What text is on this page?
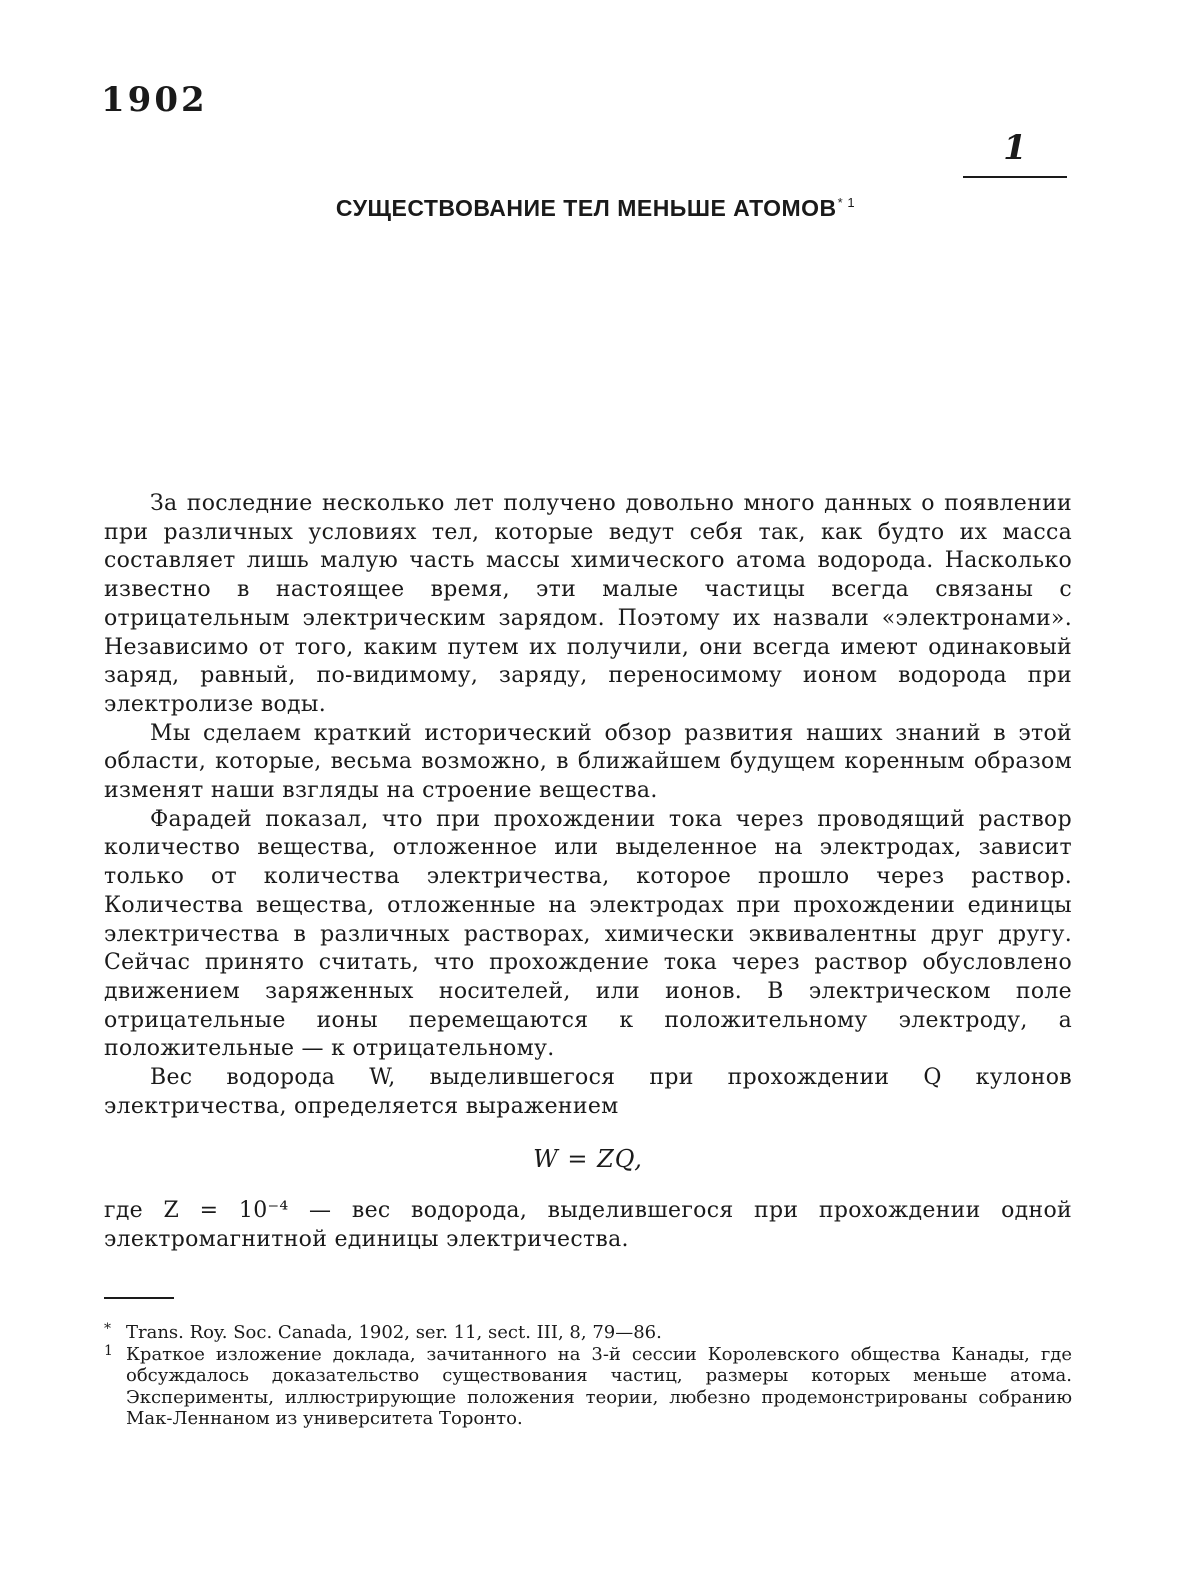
1902
1
СУЩЕСТВОВАНИЕ ТЕЛ МЕНЬШЕ АТОМОВ$^{* 1}$

За последние несколько лет получено довольно много данных о появлении при различных условиях тел, которые ведут себя так, как будто их масса составляет лишь малую часть массы химического атома водорода. Насколько известно в настоящее время, эти малые частицы всегда связаны с отрицательным электрическим зарядом. Поэтому их назвали «электронами». Независимо от того, каким путем их получили, они всегда имеют одинаковый заряд, равный, по-видимому, заряду, переносимому ионом водорода при электролизе воды.

Мы сделаем краткий исторический обзор развития наших знаний в этой области, которые, весьма возможно, в ближайшем будущем коренным образом изменят наши взгляды на строение вещества.

Фарадей показал, что при прохождении тока через проводящий раствор количество вещества, отложенное или выделенное на электродах, зависит только от количества электричества, которое прошло через раствор. Количества вещества, отложенные на электродах при прохождении единицы электричества в различных растворах, химически эквивалентны друг другу. Сейчас принято считать, что прохождение тока через раствор обусловлено движением заряженных носителей, или ионов. В электрическом поле отрицательные ионы перемещаются к положительному электроду, а положительные — к отрицательному.

Вес водорода W, выделившегося при прохождении Q кулонов электричества, определяется выражением

W = ZQ,

где Z = 10⁻⁴ — вес водорода, выделившегося при прохождении одной электромагнитной единицы электричества.

* Trans. Roy. Soc. Canada, 1902, ser. 11, sect. III, 8, 79—86.

1 Краткое изложение доклада, зачитанного на 3-й сессии Королевского общества Канады, где обсуждалось доказательство существования частиц, размеры которых меньше атома. Эксперименты, иллюстрирующие положения теории, любезно продемонстрированы собранию Мак-Леннаном из университета Торонто.
